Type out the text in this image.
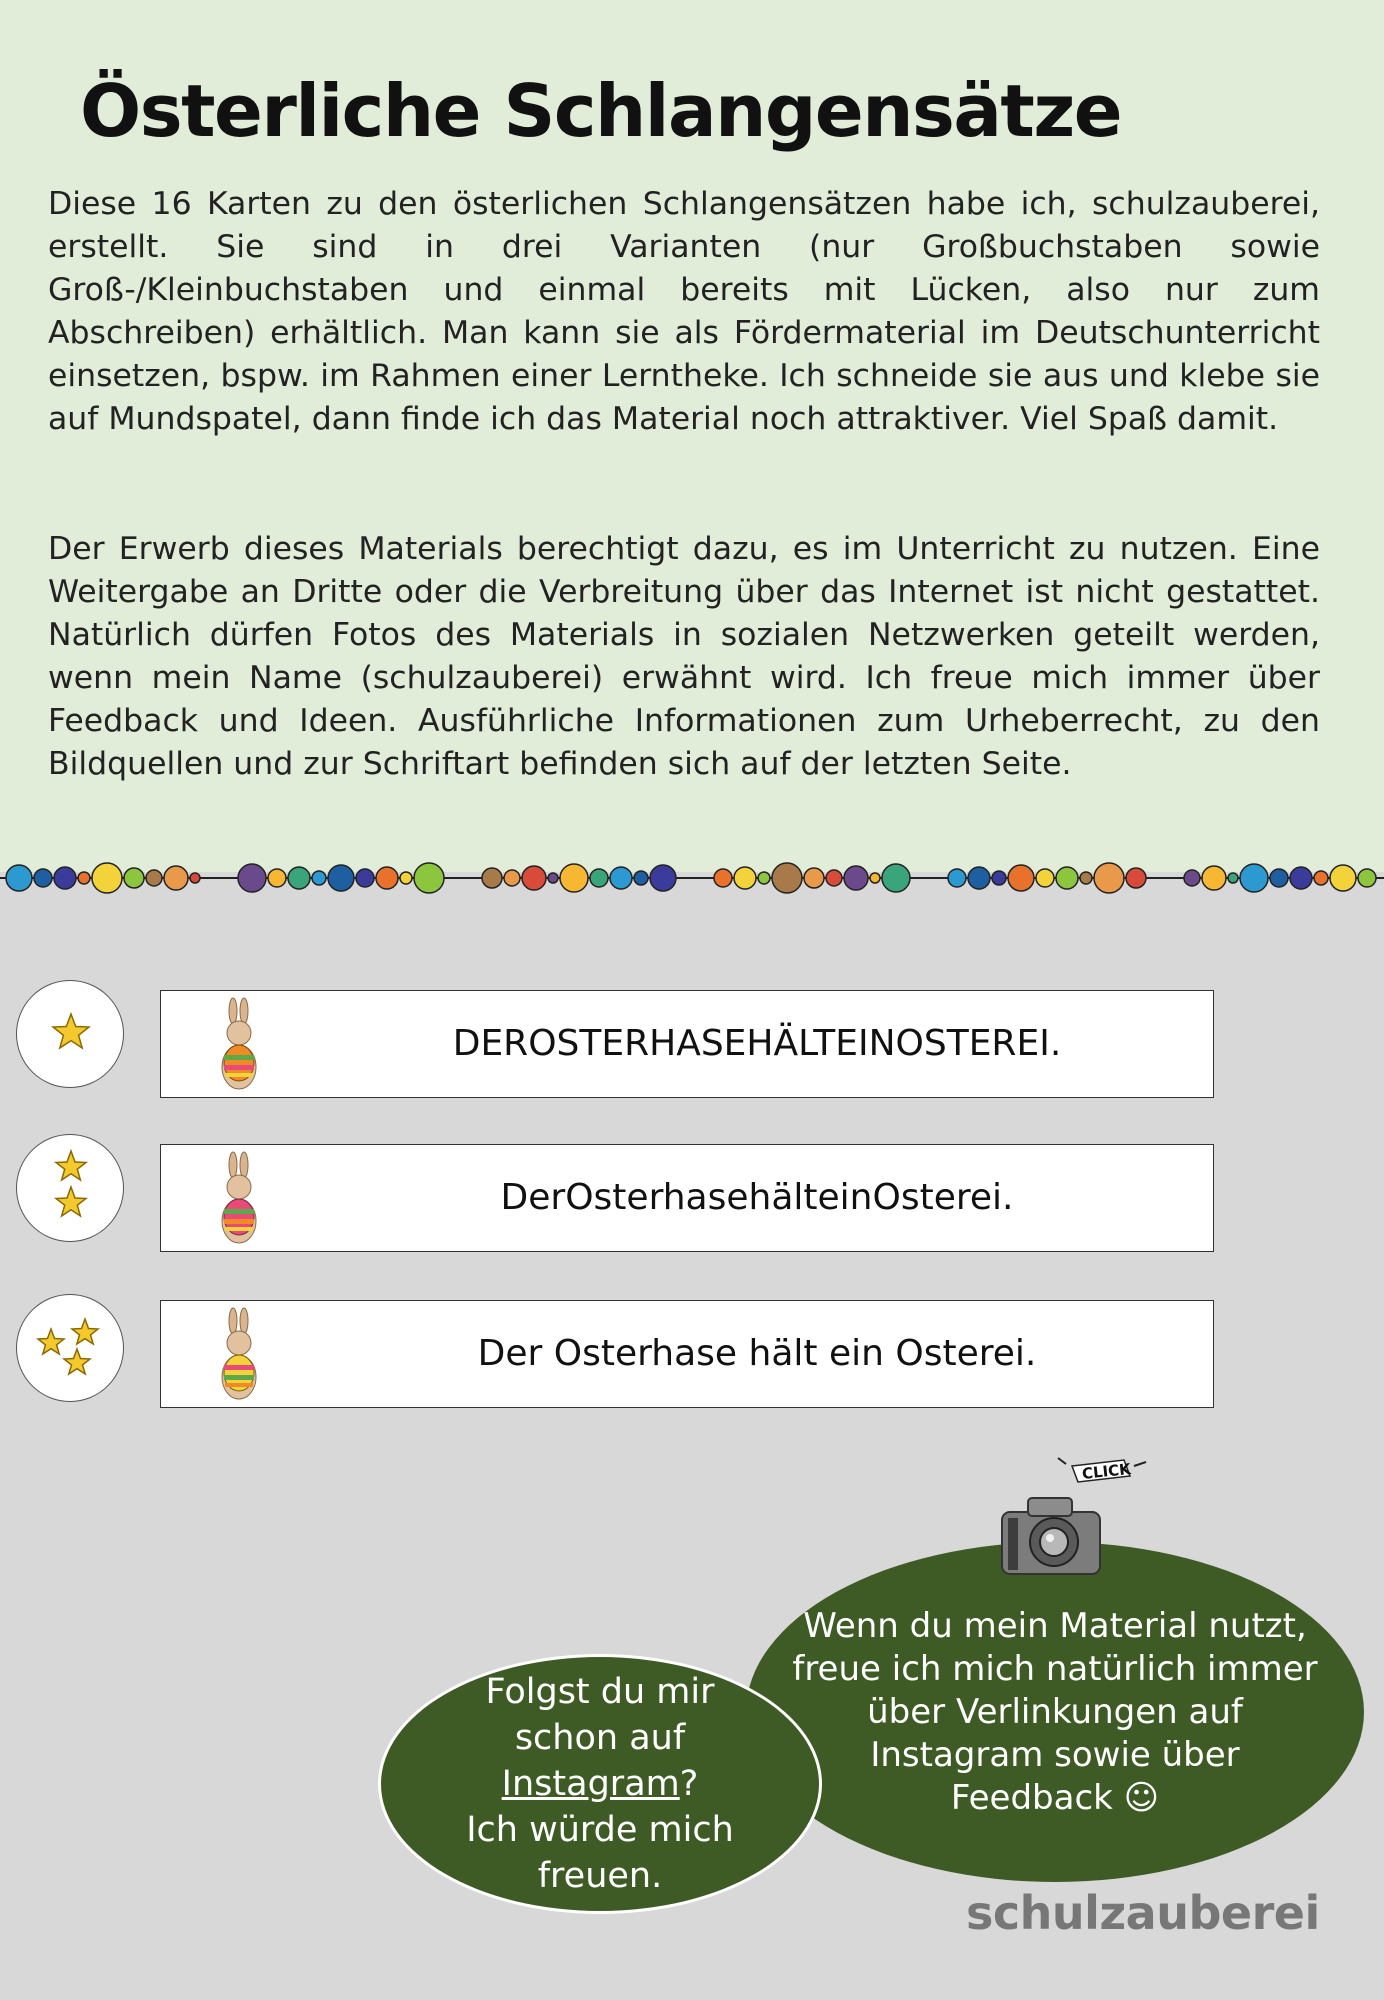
Österliche Schlangensätze

Diese 16 Karten zu den österlichen Schlangensätzen habe ich, schulzauberei, erstellt. Sie sind in drei Varianten (nur Großbuchstaben sowie Groß-/Kleinbuchstaben und einmal bereits mit Lücken, also nur zum Abschreiben) erhältlich. Man kann sie als Fördermaterial im Deutschunterricht einsetzen, bspw. im Rahmen einer Lerntheke. Ich schneide sie aus und klebe sie auf Mundspatel, dann finde ich das Material noch attraktiver. Viel Spaß damit.

Der Erwerb dieses Materials berechtigt dazu, es im Unterricht zu nutzen. Eine Weitergabe an Dritte oder die Verbreitung über das Internet ist nicht gestattet. Natürlich dürfen Fotos des Materials in sozialen Netzwerken geteilt werden, wenn mein Name (schulzauberei) erwähnt wird. Ich freue mich immer über Feedback und Ideen. Ausführliche Informationen zum Urheberrecht, zu den Bildquellen und zur Schriftart befinden sich auf der letzten Seite.

DEROSTERHASEHÄLTEINOSTEREI.
DerOsterhasehälteinOsterei.
Der Osterhase hält ein Osterei.
CLICK
Wenn du mein Material nutzt, freue ich mich natürlich immer über Verlinkungen auf Instagram sowie über Feedback ☺
Folgst du mir
schon auf
Instagram?
Ich würde mich
freuen.
schulzauberei
